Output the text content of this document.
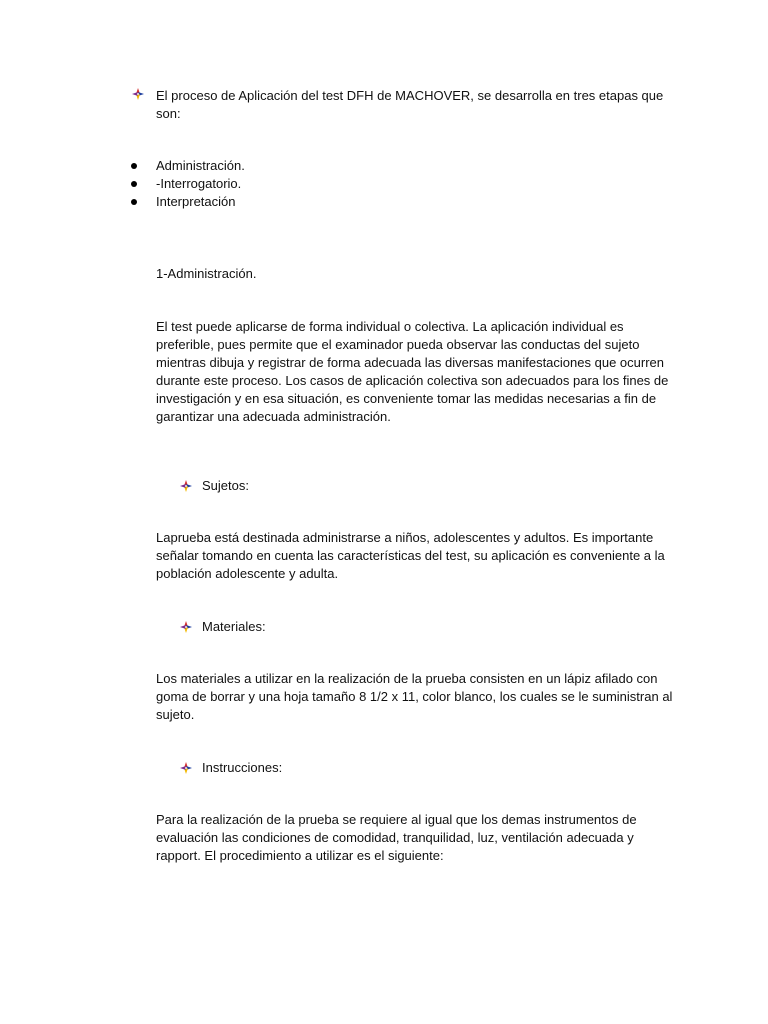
El proceso de Aplicación del test DFH de MACHOVER, se desarrolla en tres etapas que son:
Administración.
-Interrogatorio.
Interpretación
1-Administración.
El test puede aplicarse de forma individual o colectiva. La aplicación individual es preferible, pues permite que el examinador pueda observar las conductas del sujeto mientras dibuja y registrar de forma adecuada las diversas manifestaciones que ocurren durante este proceso. Los casos de aplicación colectiva son adecuados para los fines de investigación y en esa situación, es conveniente tomar las medidas necesarias a fin de garantizar una adecuada administración.
Sujetos:
Laprueba está destinada administrarse a niños, adolescentes y adultos. Es importante señalar tomando en cuenta las características del test, su aplicación es conveniente a la población adolescente y adulta.
Materiales:
Los materiales a utilizar en la realización de la prueba consisten en un lápiz afilado con goma de borrar y una hoja tamaño 8 1/2 x 11, color blanco, los cuales se le suministran al sujeto.
Instrucciones:
Para la realización de la prueba se requiere al igual que los demas instrumentos de evaluación las condiciones de comodidad, tranquilidad, luz, ventilación adecuada y rapport. El procedimiento a utilizar es el siguiente:
